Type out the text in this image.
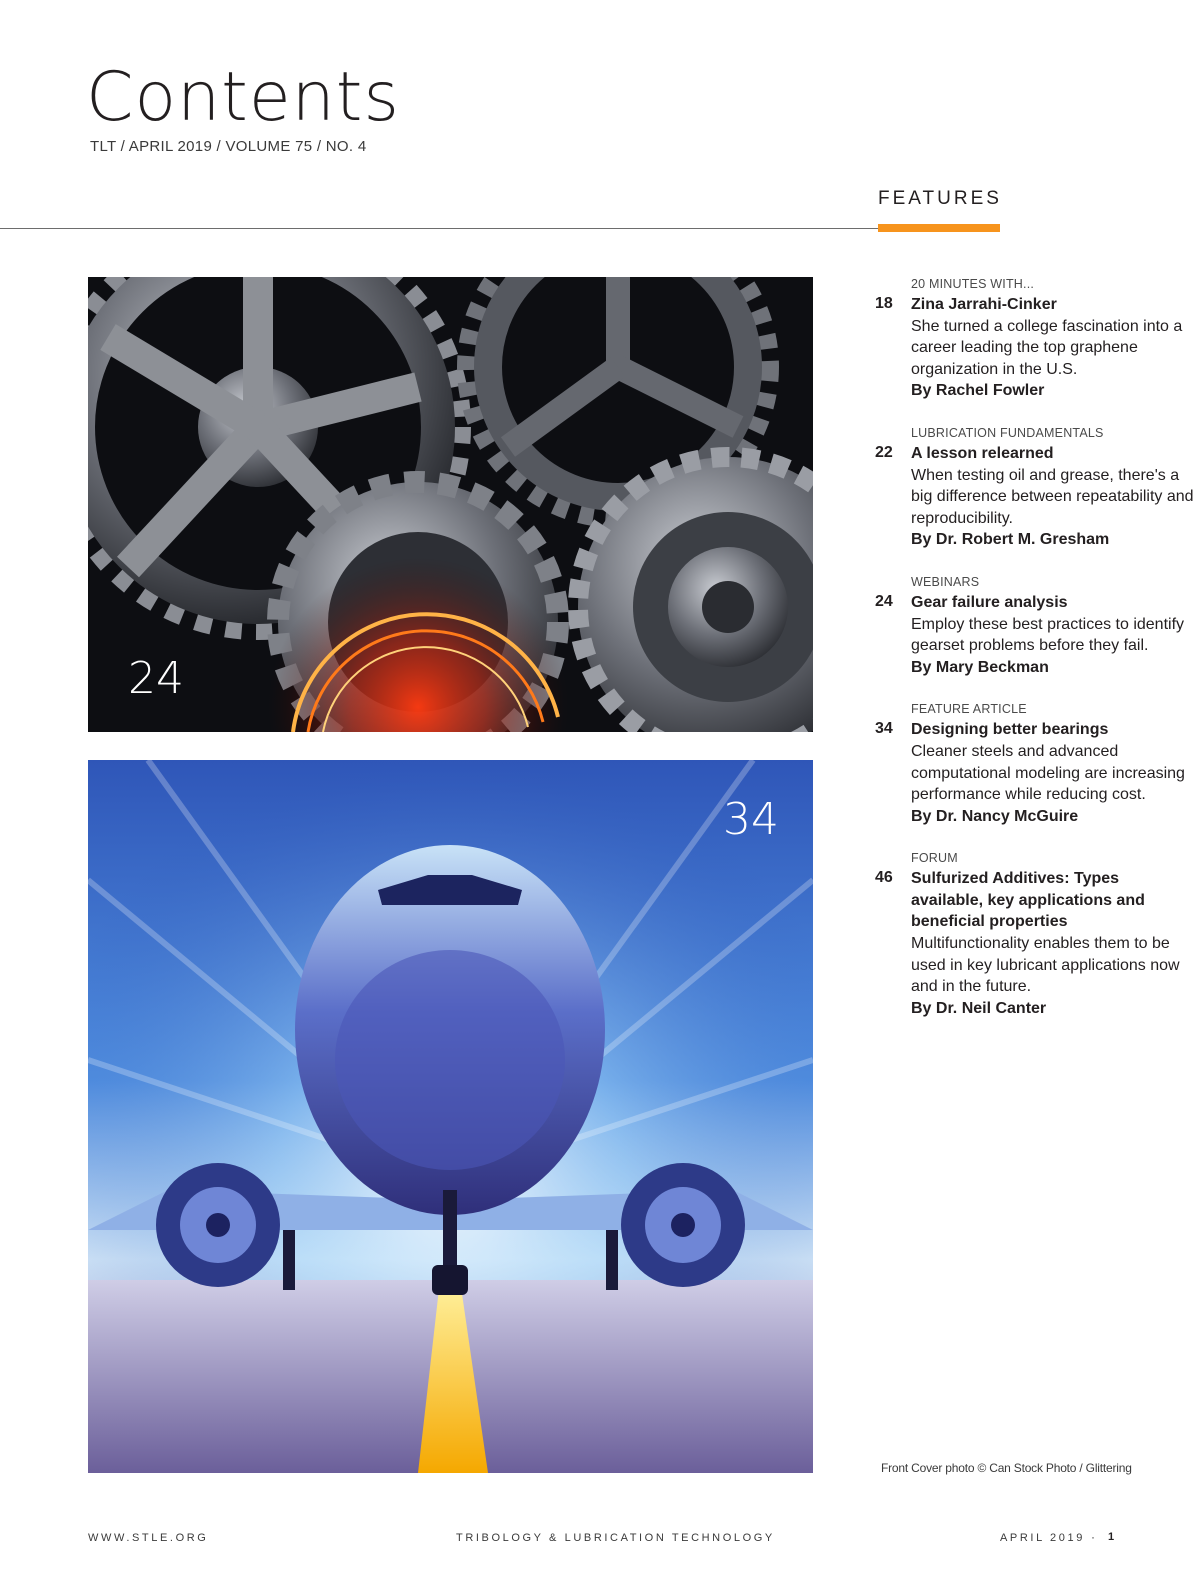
Contents
TLT / APRIL 2019 / VOLUME 75 / NO. 4
FEATURES
24
34
20 MINUTES WITH...
18 Zina Jarrahi-Cinker
She turned a college fascination into a career leading the top graphene organization in the U.S.
By Rachel Fowler
LUBRICATION FUNDAMENTALS
22 A lesson relearned
When testing oil and grease, there's a big difference between repeatability and reproducibility.
By Dr. Robert M. Gresham
WEBINARS
24 Gear failure analysis
Employ these best practices to identify gearset problems before they fail.
By Mary Beckman
FEATURE ARTICLE
34 Designing better bearings
Cleaner steels and advanced computational modeling are increasing performance while reducing cost.
By Dr. Nancy McGuire
FORUM
46 Sulfurized Additives: Types available, key applications and beneficial properties
Multifunctionality enables them to be used in key lubricant applications now and in the future.
By Dr. Neil Canter
Front Cover photo © Can Stock Photo / Glittering
WWW.STLE.ORG	TRIBOLOGY & LUBRICATION TECHNOLOGY	APRIL 2019 · 1
